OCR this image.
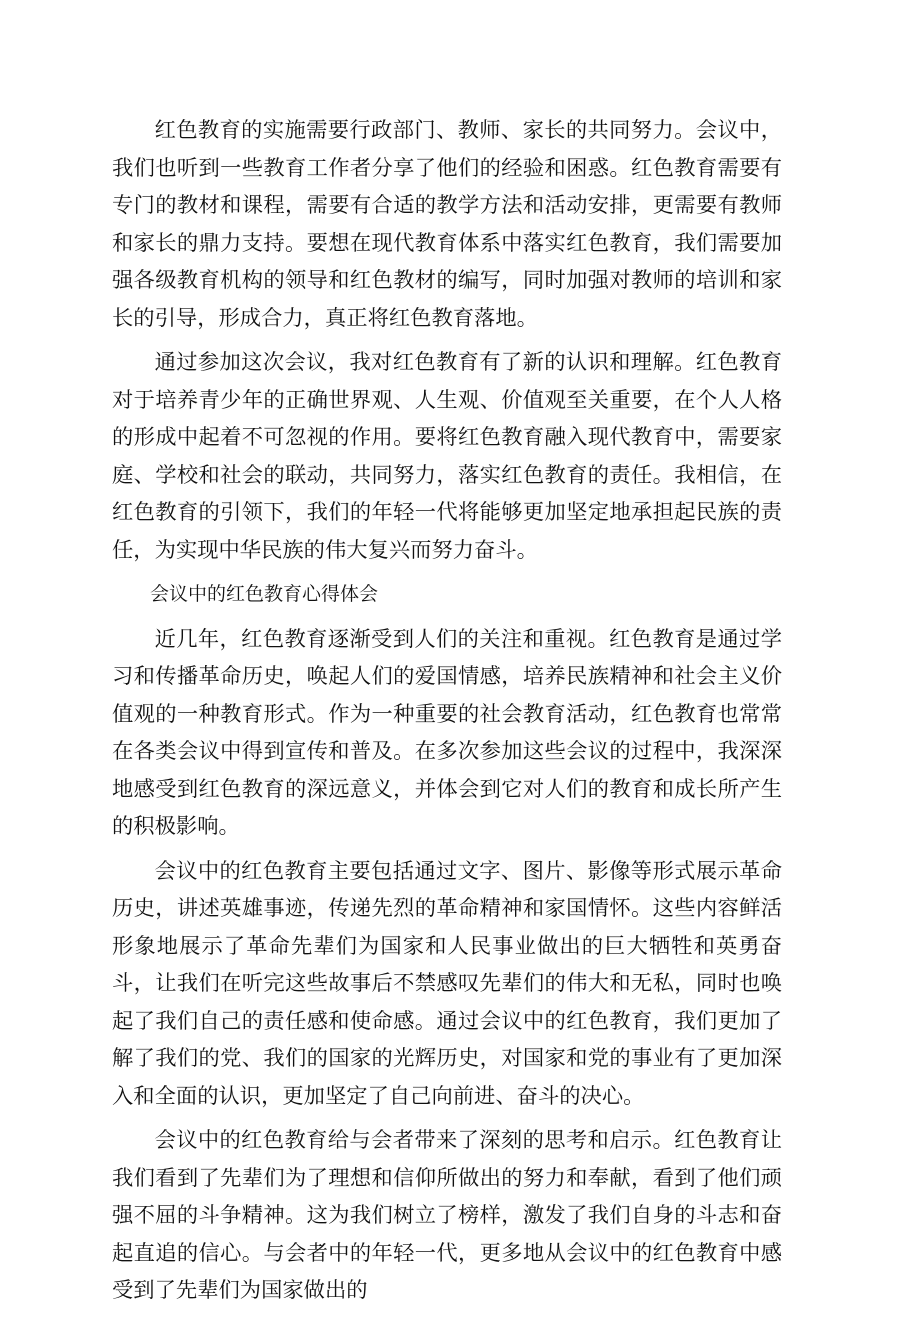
红色教育的实施需要行政部门、教师、家长的共同努力。会议中，我们也听到一些教育工作者分享了他们的经验和困惑。红色教育需要有专门的教材和课程，需要有合适的教学方法和活动安排，更需要有教师和家长的鼎力支持。要想在现代教育体系中落实红色教育，我们需要加强各级教育机构的领导和红色教材的编写，同时加强对教师的培训和家长的引导，形成合力，真正将红色教育落地。

通过参加这次会议，我对红色教育有了新的认识和理解。红色教育对于培养青少年的正确世界观、人生观、价值观至关重要，在个人人格的形成中起着不可忽视的作用。要将红色教育融入现代教育中，需要家庭、学校和社会的联动，共同努力，落实红色教育的责任。我相信，在红色教育的引领下，我们的年轻一代将能够更加坚定地承担起民族的责任，为实现中华民族的伟大复兴而努力奋斗。

会议中的红色教育心得体会

近几年，红色教育逐渐受到人们的关注和重视。红色教育是通过学习和传播革命历史，唤起人们的爱国情感，培养民族精神和社会主义价值观的一种教育形式。作为一种重要的社会教育活动，红色教育也常常在各类会议中得到宣传和普及。在多次参加这些会议的过程中，我深深地感受到红色教育的深远意义，并体会到它对人们的教育和成长所产生的积极影响。

会议中的红色教育主要包括通过文字、图片、影像等形式展示革命历史，讲述英雄事迹，传递先烈的革命精神和家国情怀。这些内容鲜活形象地展示了革命先辈们为国家和人民事业做出的巨大牺牲和英勇奋斗，让我们在听完这些故事后不禁感叹先辈们的伟大和无私，同时也唤起了我们自己的责任感和使命感。通过会议中的红色教育，我们更加了解了我们的党、我们的国家的光辉历史，对国家和党的事业有了更加深入和全面的认识，更加坚定了自己向前进、奋斗的决心。

会议中的红色教育给与会者带来了深刻的思考和启示。红色教育让我们看到了先辈们为了理想和信仰所做出的努力和奉献，看到了他们顽强不屈的斗争精神。这为我们树立了榜样，激发了我们自身的斗志和奋起直追的信心。与会者中的年轻一代，更多地从会议中的红色教育中感受到了先辈们为国家做出的
